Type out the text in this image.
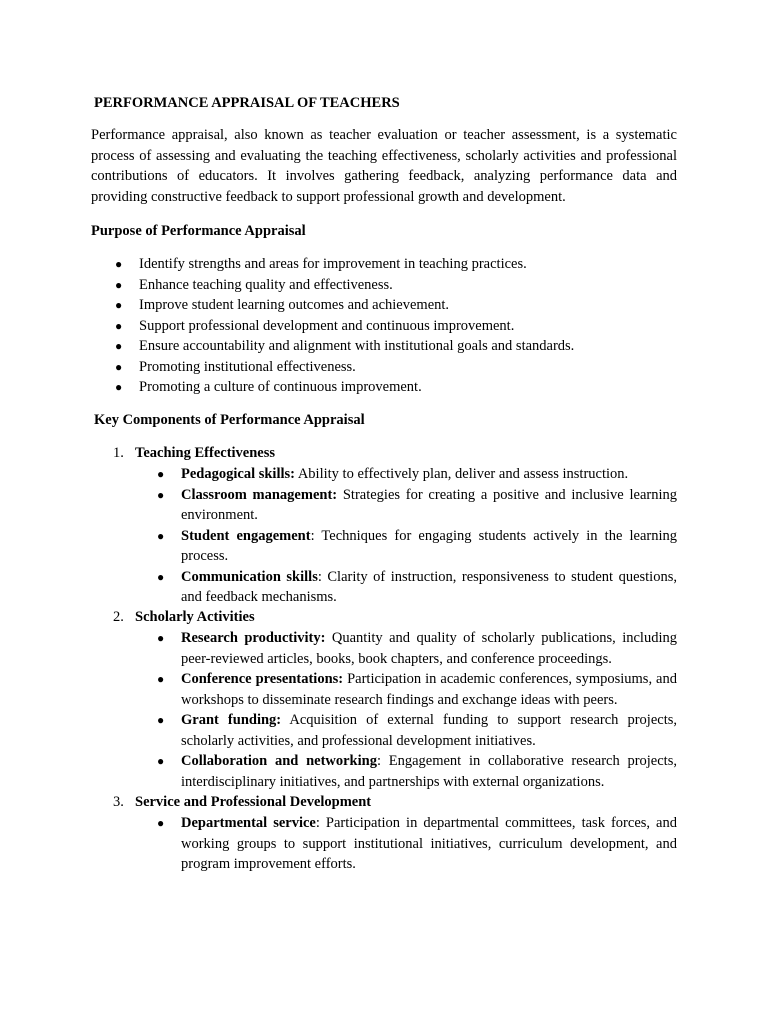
PERFORMANCE APPRAISAL OF TEACHERS
Performance appraisal, also known as teacher evaluation or teacher assessment, is a systematic process of assessing and evaluating the teaching effectiveness, scholarly activities and professional contributions of educators. It involves gathering feedback, analyzing performance data and providing constructive feedback to support professional growth and development.
Purpose of Performance Appraisal
● Identify strengths and areas for improvement in teaching practices.
● Enhance teaching quality and effectiveness.
● Improve student learning outcomes and achievement.
● Support professional development and continuous improvement.
● Ensure accountability and alignment with institutional goals and standards.
● Promoting institutional effectiveness.
● Promoting a culture of continuous improvement.
Key Components of Performance Appraisal
1. Teaching Effectiveness
● Pedagogical skills: Ability to effectively plan, deliver and assess instruction.
● Classroom management: Strategies for creating a positive and inclusive learning environment.
● Student engagement: Techniques for engaging students actively in the learning process.
● Communication skills: Clarity of instruction, responsiveness to student questions, and feedback mechanisms.
2. Scholarly Activities
● Research productivity: Quantity and quality of scholarly publications, including peer-reviewed articles, books, book chapters, and conference proceedings.
● Conference presentations: Participation in academic conferences, symposiums, and workshops to disseminate research findings and exchange ideas with peers.
● Grant funding: Acquisition of external funding to support research projects, scholarly activities, and professional development initiatives.
● Collaboration and networking: Engagement in collaborative research projects, interdisciplinary initiatives, and partnerships with external organizations.
3. Service and Professional Development
● Departmental service: Participation in departmental committees, task forces, and working groups to support institutional initiatives, curriculum development, and program improvement efforts.
